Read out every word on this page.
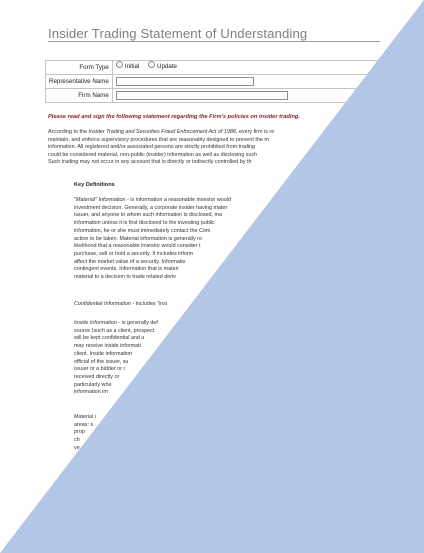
Insider Trading Statement of Understanding
Form Type	Initial
Update

Representative Name	

Firm Name	

Please read and sign the following statement regarding the Firm's policies on insider trading.

According to the Insider Trading and Securities Fraud Enforcement Act of 1988, every firm is re
maintain, and enforce supervisory procedures that are reasonably designed to prevent the m
information. All registered and/or associated persons are strictly prohibited from trading
could be considered material, non-public (insider) information as well as disclosing such
Such trading may not occur in any account that is directly or indirectly controlled by th

Key Definitions

"Material" Information - is information a reasonable investor would
investment decision. Generally, a corporate insider having mater
issuer, and anyone to whom such information is disclosed, ma
information unless it is first disclosed to the investing public
information, he or she must immediately contact the Com
action to be taken. Material information is generally re
likelihood that a reasonable investor would consider t
purchase, sell or hold a security. It includes inform
affect the market value of a security. Informatio
contingent events. Information that is materi
material to a decision to trade related deriv

Confidential Information - includes "insi

Inside Information - is generally def
source (such as a client, prospect
will be kept confidential and u
may receive inside informati
client. Inside information
official of the issuer, su
issuer or a bidder or r
received directly or
particularly whe
information im

Material i
areas: s
prop
ch
ve
